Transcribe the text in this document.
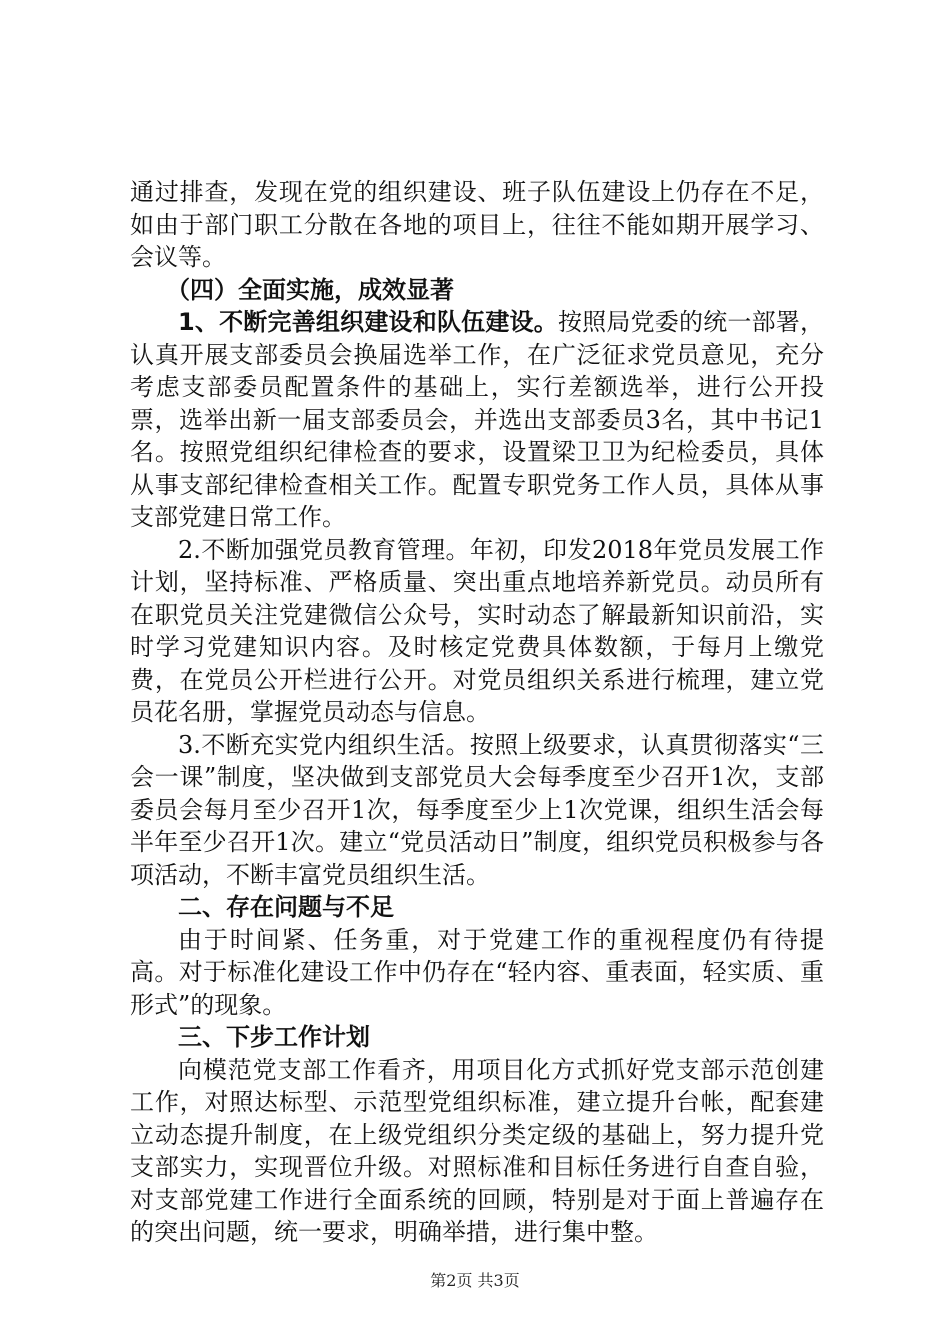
通过排查，发现在党的组织建设、班子队伍建设上仍存在不足，如由于部门职工分散在各地的项目上，往往不能如期开展学习、会议等。

（四）全面实施，成效显著

1、不断完善组织建设和队伍建设。按照局党委的统一部署，认真开展支部委员会换届选举工作，在广泛征求党员意见，充分考虑支部委员配置条件的基础上，实行差额选举，进行公开投票，选举出新一届支部委员会，并选出支部委员3名，其中书记1名。按照党组织纪律检查的要求，设置梁卫卫为纪检委员，具体从事支部纪律检查相关工作。配置专职党务工作人员，具体从事支部党建日常工作。

2.不断加强党员教育管理。年初，印发2018年党员发展工作计划，坚持标准、严格质量、突出重点地培养新党员。动员所有在职党员关注党建微信公众号，实时动态了解最新知识前沿，实时学习党建知识内容。及时核定党费具体数额，于每月上缴党费，在党员公开栏进行公开。对党员组织关系进行梳理，建立党员花名册，掌握党员动态与信息。

3.不断充实党内组织生活。按照上级要求，认真贯彻落实“三会一课”制度，坚决做到支部党员大会每季度至少召开1次，支部委员会每月至少召开1次，每季度至少上1次党课，组织生活会每半年至少召开1次。建立“党员活动日”制度，组织党员积极参与各项活动，不断丰富党员组织生活。

二、存在问题与不足

由于时间紧、任务重，对于党建工作的重视程度仍有待提高。对于标准化建设工作中仍存在“轻内容、重表面，轻实质、重形式”的现象。

三、下步工作计划

向模范党支部工作看齐，用项目化方式抓好党支部示范创建工作，对照达标型、示范型党组织标准，建立提升台帐，配套建立动态提升制度，在上级党组织分类定级的基础上，努力提升党支部实力，实现晋位升级。对照标准和目标任务进行自查自验，对支部党建工作进行全面系统的回顾，特别是对于面上普遍存在的突出问题，统一要求，明确举措，进行集中整。

第2页 共3页
